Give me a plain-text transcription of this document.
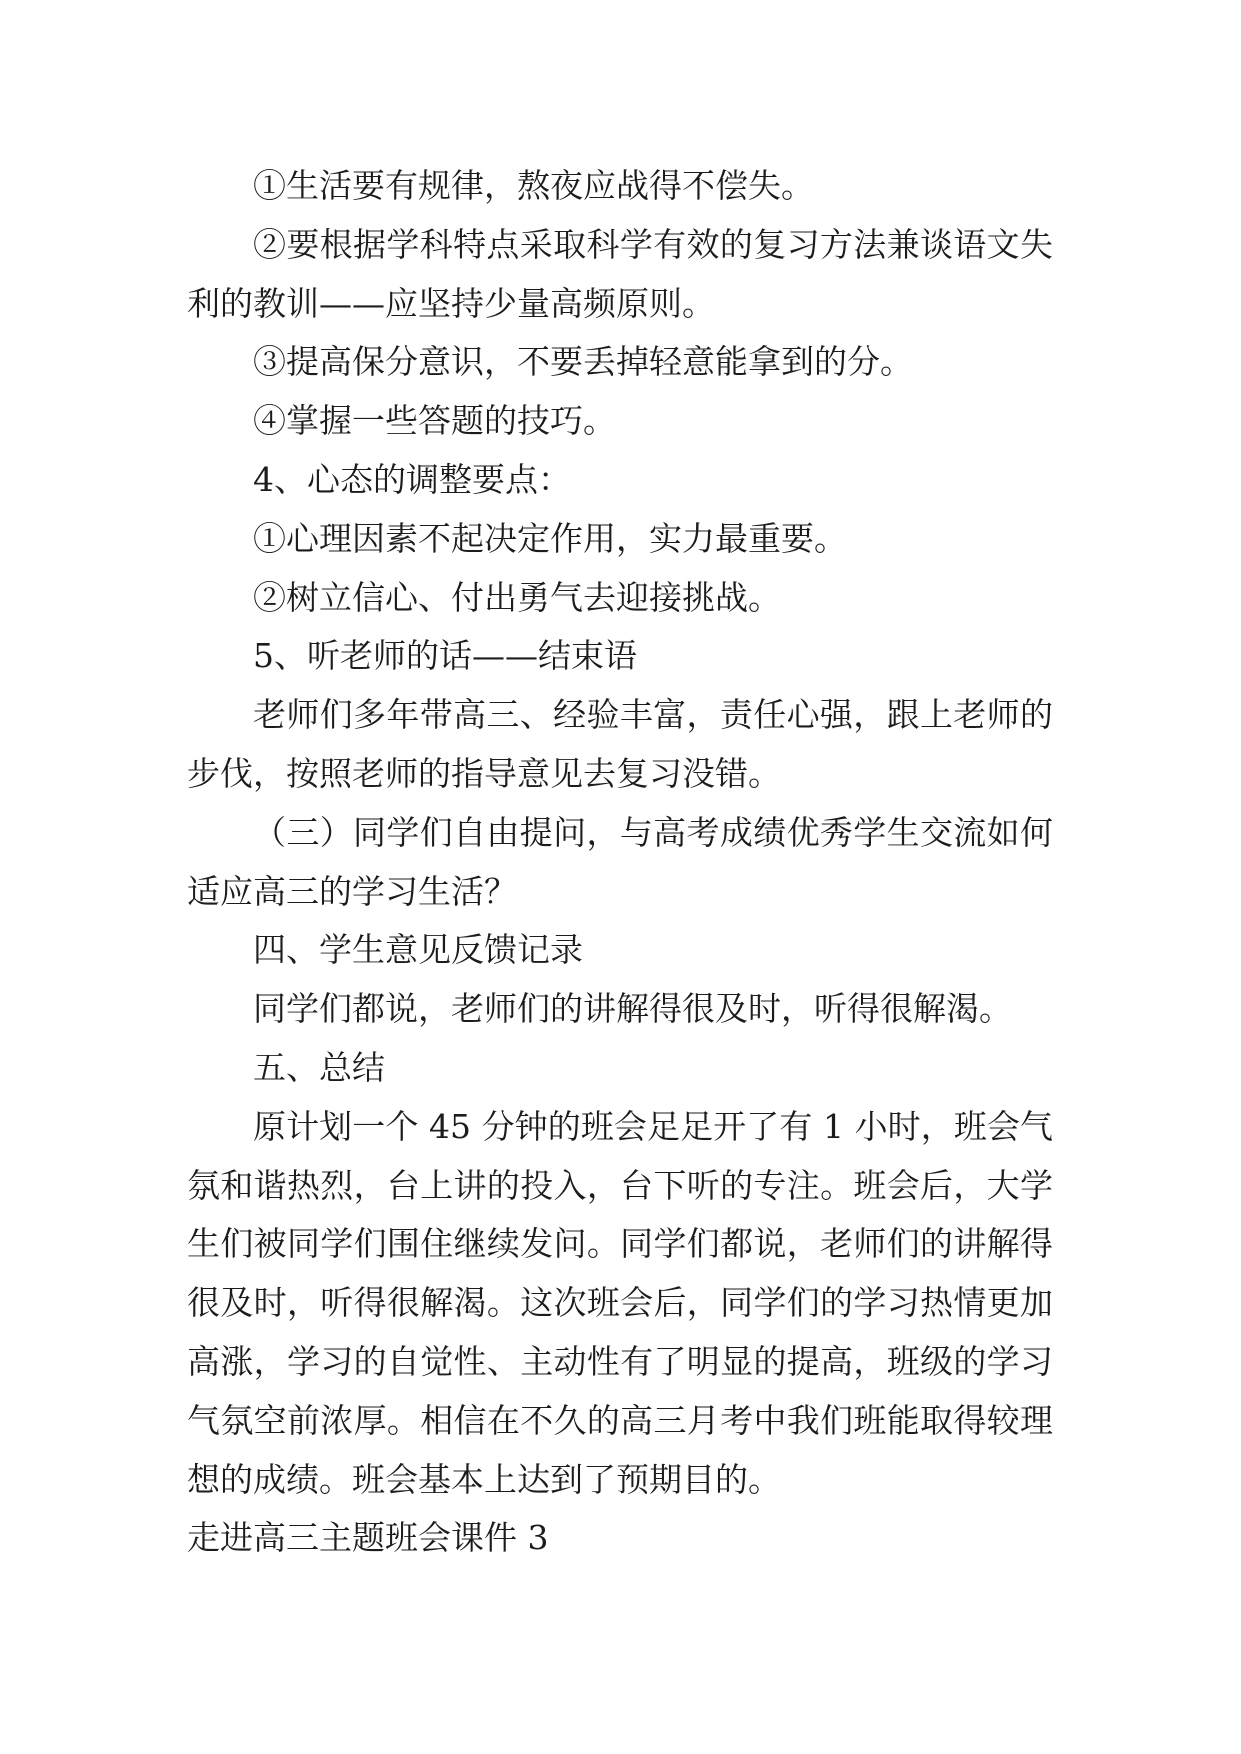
①生活要有规律，熬夜应战得不偿失。
②要根据学科特点采取科学有效的复习方法兼谈语文失
利的教训——应坚持少量高频原则。
③提高保分意识，不要丢掉轻意能拿到的分。
④掌握一些答题的技巧。
4、心态的调整要点：
①心理因素不起决定作用，实力最重要。
②树立信心、付出勇气去迎接挑战。
5、听老师的话——结束语
老师们多年带高三、经验丰富，责任心强，跟上老师的
步伐，按照老师的指导意见去复习没错。
（三）同学们自由提问，与高考成绩优秀学生交流如何
适应高三的学习生活？
四、学生意见反馈记录
同学们都说，老师们的讲解得很及时，听得很解渴。
五、总结
原计划一个 45 分钟的班会足足开了有 1 小时，班会气
氛和谐热烈，台上讲的投入，台下听的专注。班会后，大学
生们被同学们围住继续发问。同学们都说，老师们的讲解得
很及时，听得很解渴。这次班会后，同学们的学习热情更加
高涨，学习的自觉性、主动性有了明显的提高，班级的学习
气氛空前浓厚。相信在不久的高三月考中我们班能取得较理
想的成绩。班会基本上达到了预期目的。
走进高三主题班会课件 3
